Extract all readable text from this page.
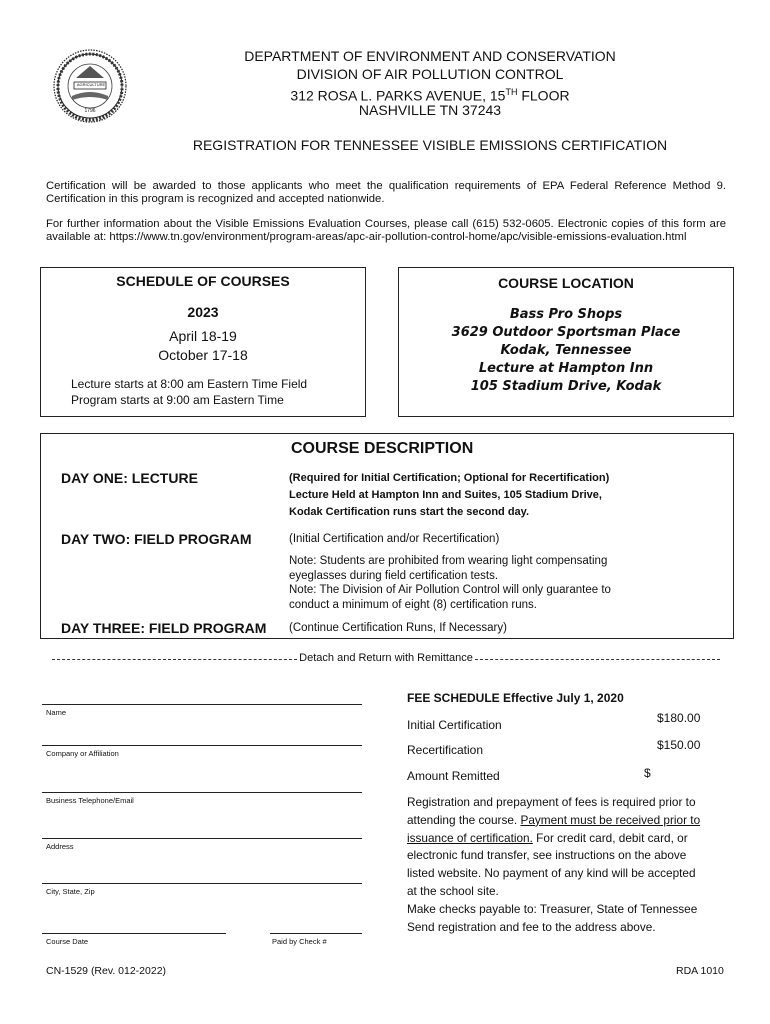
AGRICULTURE
1796
DEPARTMENT OF ENVIRONMENT AND CONSERVATION
DIVISION OF AIR POLLUTION CONTROL
312 ROSA L. PARKS AVENUE, 15TH FLOOR
NASHVILLE TN 37243
REGISTRATION FOR TENNESSEE VISIBLE EMISSIONS CERTIFICATION
Certification will be awarded to those applicants who meet the qualification requirements of EPA Federal Reference Method 9. Certification in this program is recognized and accepted nationwide.
For further information about the Visible Emissions Evaluation Courses, please call (615) 532-0605. Electronic copies of this form are available at: https://www.tn.gov/environment/program-areas/apc-air-pollution-control-home/apc/visible-emissions-evaluation.html
SCHEDULE OF COURSES
2023
April 18-19
October 17-18
Lecture starts at 8:00 am Eastern Time Field
Program starts at 9:00 am Eastern Time
COURSE LOCATION
Bass Pro Shops
3629 Outdoor Sportsman Place
Kodak, Tennessee
Lecture at Hampton Inn
105 Stadium Drive, Kodak
COURSE DESCRIPTION
DAY ONE: LECTURE	(Required for Initial Certification; Optional for Recertification)
Lecture Held at Hampton Inn and Suites, 105 Stadium Drive,
Kodak Certification runs start the second day.
DAY TWO: FIELD PROGRAM	(Initial Certification and/or Recertification)
Note: Students are prohibited from wearing light compensating
eyeglasses during field certification tests.
Note: The Division of Air Pollution Control will only guarantee to
conduct a minimum of eight (8) certification runs.
DAY THREE: FIELD PROGRAM (Continue Certification Runs, If Necessary)
Detach and Return with Remittance
Name
Company or Affiliation
Business Telephone/Email
Address
City, State, Zip
Course Date	Paid by Check #
FEE SCHEDULE Effective July 1, 2020
Initial Certification	$180.00
Recertification	$150.00
Amount Remitted	$
Registration and prepayment of fees is required prior to
attending the course. Payment must be received prior to
issuance of certification. For credit card, debit card, or
electronic fund transfer, see instructions on the above
listed website. No payment of any kind will be accepted
at the school site.
Make checks payable to: Treasurer, State of Tennessee
Send registration and fee to the address above.
CN-1529 (Rev. 012-2022)	RDA 1010
